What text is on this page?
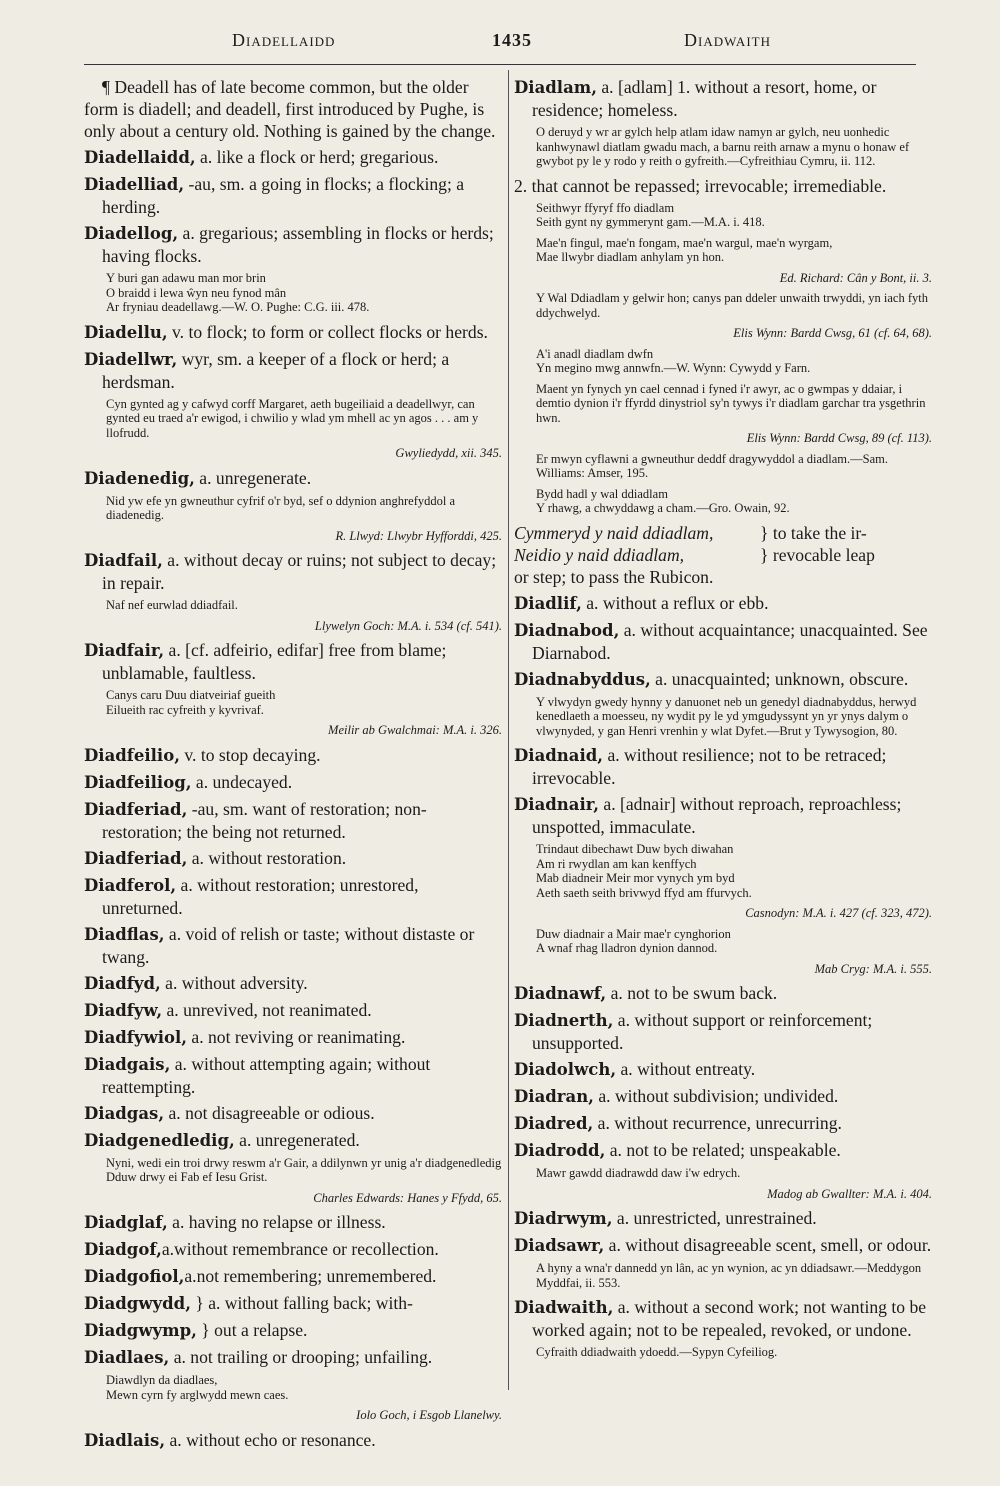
Diadellaidd	1435	Diadwaith
¶ Deadell has of late become common, but the older form is diadell; and deadell, first introduced by Pughe, is only about a century old. Nothing is gained by the change.
Diadellaidd, a. like a flock or herd; gregarious.
Diadelliad, -au, sm. a going in flocks; a flocking; a herding.
Diadellog, a. gregarious; assembling in flocks or herds; having flocks.
Y buri gan adawu man mor brin
O braidd i lewa ŵyn neu fynod mân
Ar fryniau deadellawg.—W. O. Pughe: C.G. iii. 478.
Diadellu, v. to flock; to form or collect flocks or herds.
Diadellwr, wyr, sm. a keeper of a flock or herd; a herdsman.
Cyn gynted ag y cafwyd corff Margaret, aeth bugeiliaid a deadellwyr, can gynted eu traed a'r ewigod, i chwilio y wlad ym mhell ac yn agos . . . am y llofrudd.
Gwyliedydd, xii. 345.
Diadenedig, a. unregenerate.
Nid yw efe yn gwneuthur cyfrif o'r byd, sef o ddynion anghrefyddol a diadenedig.
R. Llwyd: Llwybr Hyfforddi, 425.
Diadfail, a. without decay or ruins; not subject to decay; in repair.
Naf nef eurwlad ddiadfail.
Llywelyn Goch: M.A. i. 534 (cf. 541).
Diadfair, a. [cf. adfeirio, edifar] free from blame; unblamable, faultless.
Canys caru Duu diatveiriaf gueith
Eilueith rac cyfreith y kyvrivaf.
Meilir ab Gwalchmai: M.A. i. 326.
Diadfeilio, v. to stop decaying.
Diadfeiliog, a. undecayed.
Diadferiad, -au, sm. want of restoration; non-restoration; the being not returned.
Diadferiad, a. without restoration.
Diadferol, a. without restoration; unrestored, unreturned.
Diadflas, a. void of relish or taste; without distaste or twang.
Diadfyd, a. without adversity.
Diadfyw, a. unrevived, not reanimated.
Diadfywiol, a. not reviving or reanimating.
Diadgais, a. without attempting again; without reattempting.
Diadgas, a. not disagreeable or odious.
Diadgenedledig, a. unregenerated.
Nyni, wedi ein troi drwy reswm a'r Gair, a ddilynwn yr unig a'r diadgenedledig Dduw drwy ei Fab ef Iesu Grist.
Charles Edwards: Hanes y Ffydd, 65.
Diadglaf, a. having no relapse or illness.
Diadgof,a.without remembrance or recollection.
Diadgofiol,a.not remembering; unremembered.
Diadgwydd, } a. without falling back; with-
Diadgwymp, } out a relapse.
Diadlaes, a. not trailing or drooping; unfailing.
Diawdlyn da diadlaes,
Mewn cyrn fy arglwydd mewn caes.
Iolo Goch, i Esgob Llanelwy.
Diadlais, a. without echo or resonance.
Diadlam, a. [adlam] 1. without a resort, home, or residence; homeless.
O deruyd y wr ar gylch help atlam idaw namyn ar gylch, neu uonhedic kanhwynawl diatlam gwadu mach, a barnu reith arnaw a mynu o honaw ef gwybot py le y rodo y reith o gyfreith.—Cyfreithiau Cymru, ii. 112.
2. that cannot be repassed; irrevocable; irremediable.
Seithwyr ffyryf ffo diadlam
Seith gynt ny gymmerynt gam.—M.A. i. 418.
Mae'n fingul, mae'n fongam, mae'n wargul, mae'n wyrgam,
Mae llwybr diadlam anhylam yn hon.
Ed. Richard: Cân y Bont, ii. 3.
Y Wal Ddiadlam y gelwir hon; canys pan ddeler unwaith trwyddi, yn iach fyth ddychwelyd.
Elis Wynn: Bardd Cwsg, 61 (cf. 64, 68).
A'i anadl diadlam dwfn
Yn megino mwg annwfn.—W. Wynn: Cywydd y Farn.
Maent yn fynych yn cael cennad i fyned i'r awyr, ac o gwmpas y ddaiar, i demtio dynion i'r ffyrdd dinystriol sy'n tywys i'r diadlam garchar tra ysgethrin hwn.
Elis Wynn: Bardd Cwsg, 89 (cf. 113).
Er mwyn cyflawni a gwneuthur deddf dragywyddol a diadlam.—Sam. Williams: Amser, 195.
Bydd hadl y wal ddiadlam
Y rhawg, a chwyddawg a cham.—Gro. Owain, 92.
Cymmeryd y naid ddiadlam,	} to take the ir-
Neidio y naid ddiadlam,	} revocable leap
or step; to pass the Rubicon.
Diadlif, a. without a reflux or ebb.
Diadnabod, a. without acquaintance; unacquainted. See Diarnabod.
Diadnabyddus, a. unacquainted; unknown, obscure.
Y vlwydyn gwedy hynny y danuonet neb un genedyl diadnabyddus, herwyd kenedlaeth a moesseu, ny wydit py le yd ymgudyssynt yn yr ynys dalym o vlwynyded, y gan Henri vrenhin y wlat Dyfet.—Brut y Tywysogion, 80.
Diadnaid, a. without resilience; not to be retraced; irrevocable.
Diadnair, a. [adnair] without reproach, reproachless; unspotted, immaculate.
Trindaut dibechawt Duw bych diwahan
Am ri rwydlan am kan kenffych
Mab diadneir Meir mor vynych ym byd
Aeth saeth seith brivwyd ffyd am ffurvych.
Casnodyn: M.A. i. 427 (cf. 323, 472).
Duw diadnair a Mair mae'r cynghorion
A wnaf rhag lladron dynion dannod.
Mab Cryg: M.A. i. 555.
Diadnawf, a. not to be swum back.
Diadnerth, a. without support or reinforcement; unsupported.
Diadolwch, a. without entreaty.
Diadran, a. without subdivision; undivided.
Diadred, a. without recurrence, unrecurring.
Diadrodd, a. not to be related; unspeakable.
Mawr gawdd diadrawdd daw i'w edrych.
Madog ab Gwallter: M.A. i. 404.
Diadrwym, a. unrestricted, unrestrained.
Diadsawr, a. without disagreeable scent, smell, or odour.
A hyny a wna'r dannedd yn lân, ac yn wynion, ac yn ddiadsawr.—Meddygon Myddfai, ii. 553.
Diadwaith, a. without a second work; not wanting to be worked again; not to be repealed, revoked, or undone.
Cyfraith ddiadwaith ydoedd.—Sypyn Cyfeiliog.
